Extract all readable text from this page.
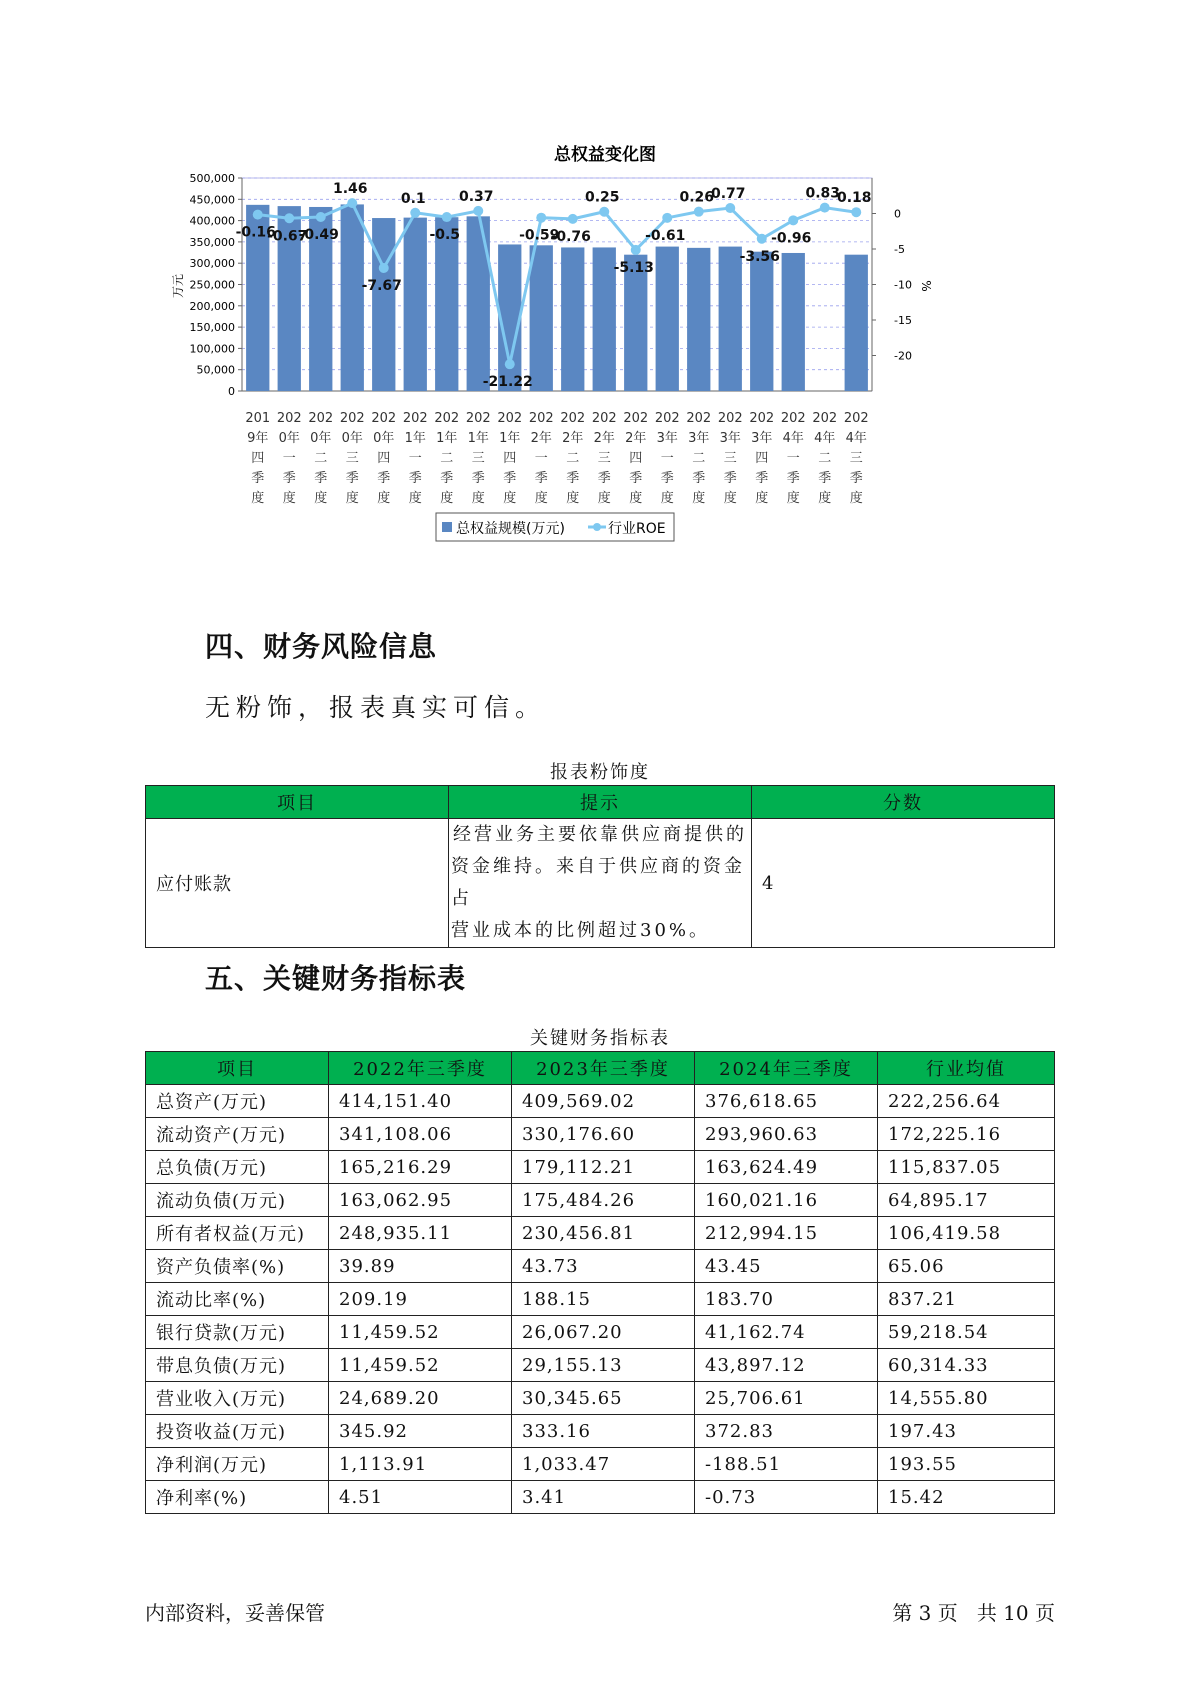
总权益变化图
500,000
450,000
400,000
350,000
300,000
250,000
200,000
150,000
100,000
50,000
0
0
-5
-10
-15
-20
万元	%
201
9年
四
季
度
202
0年
一
季
度
202
0年
二
季
度
202
0年
三
季
度
202
0年
四
季
度
202
1年
一
季
度
202
1年
二
季
度
202
1年
三
季
度
202
1年
四
季
度
202
2年
一
季
度
202
2年
二
季
度
202
2年
三
季
度
202
2年
四
季
度
202
3年
一
季
度
202
3年
二
季
度
202
3年
三
季
度
202
3年
四
季
度
202
4年
一
季
度
202
4年
二
季
度
202
4年
三
季
度
-0.16
-0.67
-0.49
1.46
-7.67
0.1
-0.5
0.37
-21.22
-0.59
-0.76
0.25
-5.13
-0.61
0.26
0.77
-3.56
-0.96
0.83
0.18
总权益规模(万元)	行业ROE
四、财务风险信息
无粉饰，报表真实可信。
报表粉饰度
项目	提示	分数
应付账款	经营业务主要依靠供应商提供的
资金维持。来自于供应商的资金占
营业成本的比例超过30%。	4
五、关键财务指标表
关键财务指标表
项目	2022年三季度	2023年三季度	2024年三季度	行业均值
总资产(万元)	414,151.40	409,569.02	376,618.65	222,256.64
流动资产(万元)	341,108.06	330,176.60	293,960.63	172,225.16
总负债(万元)	165,216.29	179,112.21	163,624.49	115,837.05
流动负债(万元)	163,062.95	175,484.26	160,021.16	64,895.17
所有者权益(万元)	248,935.11	230,456.81	212,994.15	106,419.58
资产负债率(%)	39.89	43.73	43.45	65.06
流动比率(%)	209.19	188.15	183.70	837.21
银行贷款(万元)	11,459.52	26,067.20	41,162.74	59,218.54
带息负债(万元)	11,459.52	29,155.13	43,897.12	60,314.33
营业收入(万元)	24,689.20	30,345.65	25,706.61	14,555.80
投资收益(万元)	345.92	333.16	372.83	197.43
净利润(万元)	1,113.91	1,033.47	-188.51	193.55
净利率(%)	4.51	3.41	-0.73	15.42
内部资料，妥善保管	第 3 页   共 10 页
